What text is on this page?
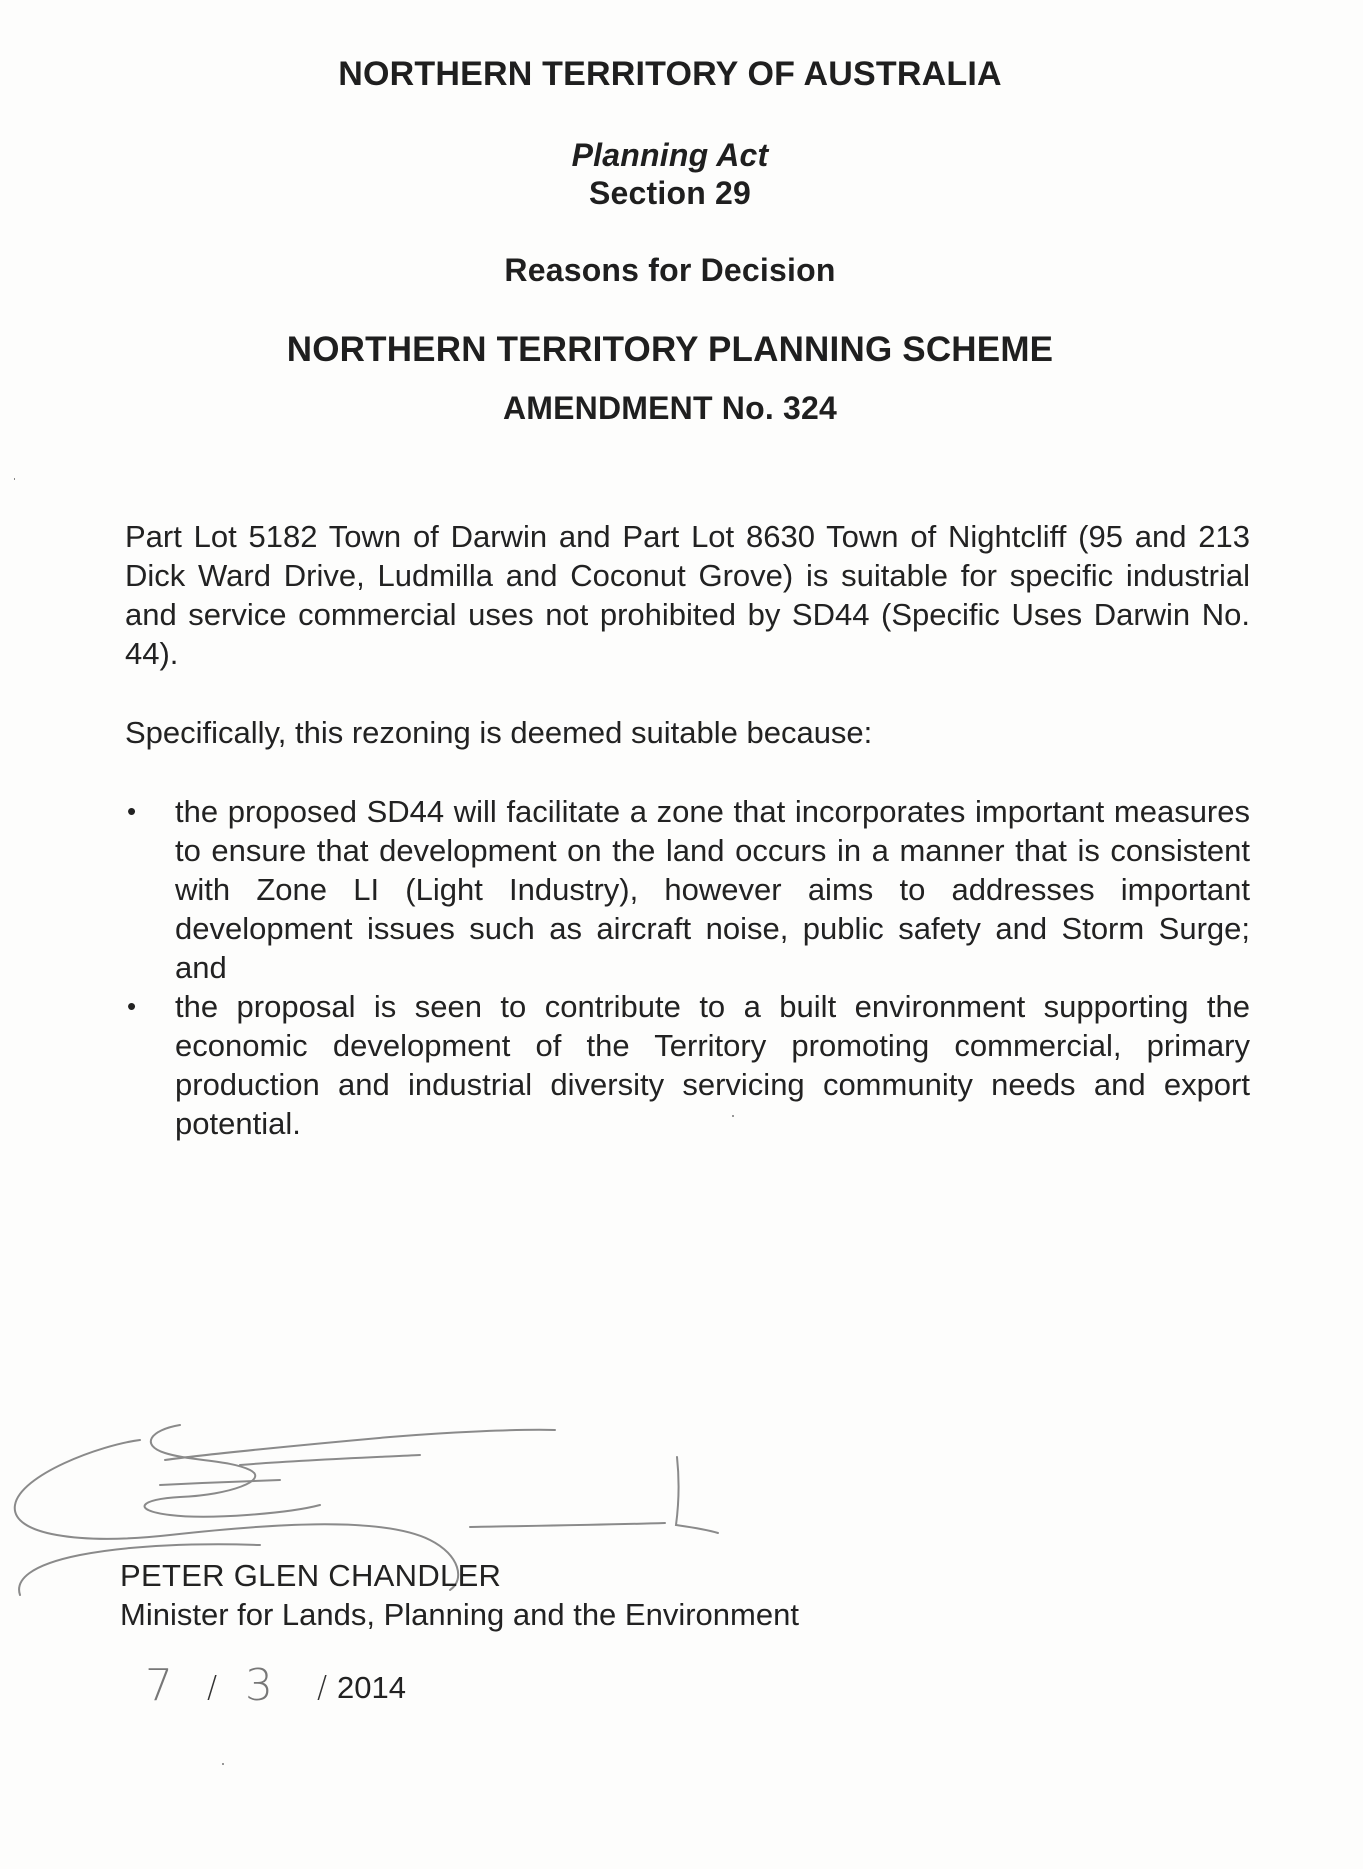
NORTHERN TERRITORY OF AUSTRALIA
Planning Act
Section 29
Reasons for Decision
NORTHERN TERRITORY PLANNING SCHEME
AMENDMENT No. 324

Part Lot 5182 Town of Darwin and Part Lot 8630 Town of Nightcliff (95 and 213 Dick Ward Drive, Ludmilla and Coconut Grove) is suitable for specific industrial and service commercial uses not prohibited by SD44 (Specific Uses Darwin No. 44).

Specifically, this rezoning is deemed suitable because:

• the proposed SD44 will facilitate a zone that incorporates important measures to ensure that development on the land occurs in a manner that is consistent with Zone LI (Light Industry), however aims to addresses important development issues such as aircraft noise, public safety and Storm Surge; and
• the proposal is seen to contribute to a built environment supporting the economic development of the Territory promoting commercial, primary production and industrial diversity servicing community needs and export potential.
PETER GLEN CHANDLER
Minister for Lands, Planning and the Environment
7 / 3 / 2014
